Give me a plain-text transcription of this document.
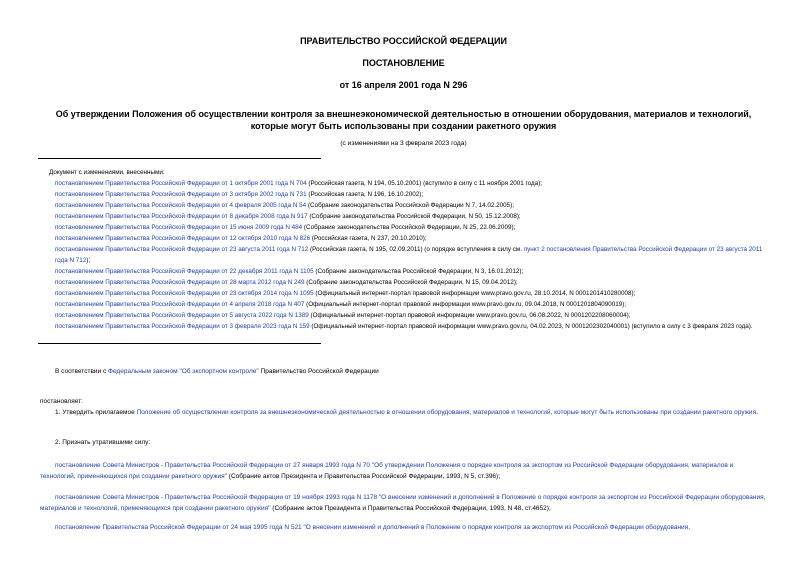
ПРАВИТЕЛЬСТВО РОССИЙСКОЙ ФЕДЕРАЦИИ
ПОСТАНОВЛЕНИЕ
от 16 апреля 2001 года N 296
Об утверждении Положения об осуществлении контроля за внешнеэкономической деятельностью в отношении оборудования, материалов и технологий, которые могут быть использованы при создании ракетного оружия
(с изменениями на 3 февраля 2023 года)
Документ с изменениями, внесенными:
постановлением Правительства Российской Федерации от 1 октября 2001 года N 704 (Российская газета, N 194, 05.10.2001) (вступило в силу с 11 ноября 2001 года);
постановлением Правительства Российской Федерации от 3 октября 2002 года N 731 (Российская газета, N 196, 16.10.2002);
постановлением Правительства Российской Федерации от 4 февраля 2005 года N 54 (Собрание законодательства Российской Федерации N 7, 14.02.2005);
постановлением Правительства Российской Федерации от 8 декабря 2008 года N 917 (Собрание законодательства Российской Федерации, N 50, 15.12.2008);
постановлением Правительства Российской Федерации от 15 июня 2009 года N 484 (Собрание законодательства Российской Федерации, N 25, 22.06.2009);
постановлением Правительства Российской Федерации от 12 октября 2010 года N 826 (Российская газета, N 237, 20.10.2010);
постановлением Правительства Российской Федерации от 23 августа 2011 года N 712 (Российская газета, N 195, 02.09.2011) (о порядке вступления в силу см. пункт 2 постановления Правительства Российской Федерации от 23 августа 2011 года N 712);
постановлением Правительства Российской Федерации от 22 декабря 2011 года N 1105 (Собрание законодательства Российской Федерации, N 3, 16.01.2012);
постановлением Правительства Российской Федерации от 28 марта 2012 года N 249 (Собрание законодательства Российской Федерации, N 15, 09.04.2012);
постановлением Правительства Российской Федерации от 23 октября 2014 года N 1095 (Официальный интернет-портал правовой информации www.pravo.gov.ru, 28.10.2014, N 0001201410280008);
постановлением Правительства Российской Федерации от 4 апреля 2018 года N 407 (Официальный интернет-портал правовой информации www.pravo.gov.ru, 09.04.2018, N 0001201804090019);
постановлением Правительства Российской Федерации от 5 августа 2022 года N 1389 (Официальный интернет-портал правовой информации www.pravo.gov.ru, 06.08.2022, N 0001202208060004);
постановлением Правительства Российской Федерации от 3 февраля 2023 года N 159 (Официальный интернет-портал правовой информации www.pravo.gov.ru, 04.02.2023, N 0001202302040001) (вступило в силу с 3 февраля 2023 года).
В соответствии с Федеральным законом "Об экспортном контроле" Правительство Российской Федерации
постановляет:
1. Утвердить прилагаемое Положение об осуществлении контроля за внешнеэкономической деятельностью в отношении оборудования, материалов и технологий, которые могут быть использованы при создании ракетного оружия.
2. Признать утратившими силу:
постановление Совета Министров - Правительства Российской Федерации от 27 января 1993 года N 70 "Об утверждении Положения о порядке контроля за экспортом из Российской Федерации оборудования, материалов и технологий, применяющихся при создании ракетного оружия" (Собрание актов Президента и Правительства Российской Федерации, 1993, N 5, ст.396);
постановление Совета Министров - Правительства Российской Федерации от 19 ноября 1993 года N 1178 "О внесении изменений и дополнений в Положение о порядке контроля за экспортом из Российской Федерации оборудования, материалов и технологий, применяющихся при создании ракетного оружия" (Собрание актов Президента и Правительства Российской Федерации, 1993, N 48, ст.4652);
постановление Правительства Российской Федерации от 24 мая 1995 года N 521 "О внесении изменений и дополнений в Положение о порядке контроля за экспортом из Российской Федерации оборудования,
